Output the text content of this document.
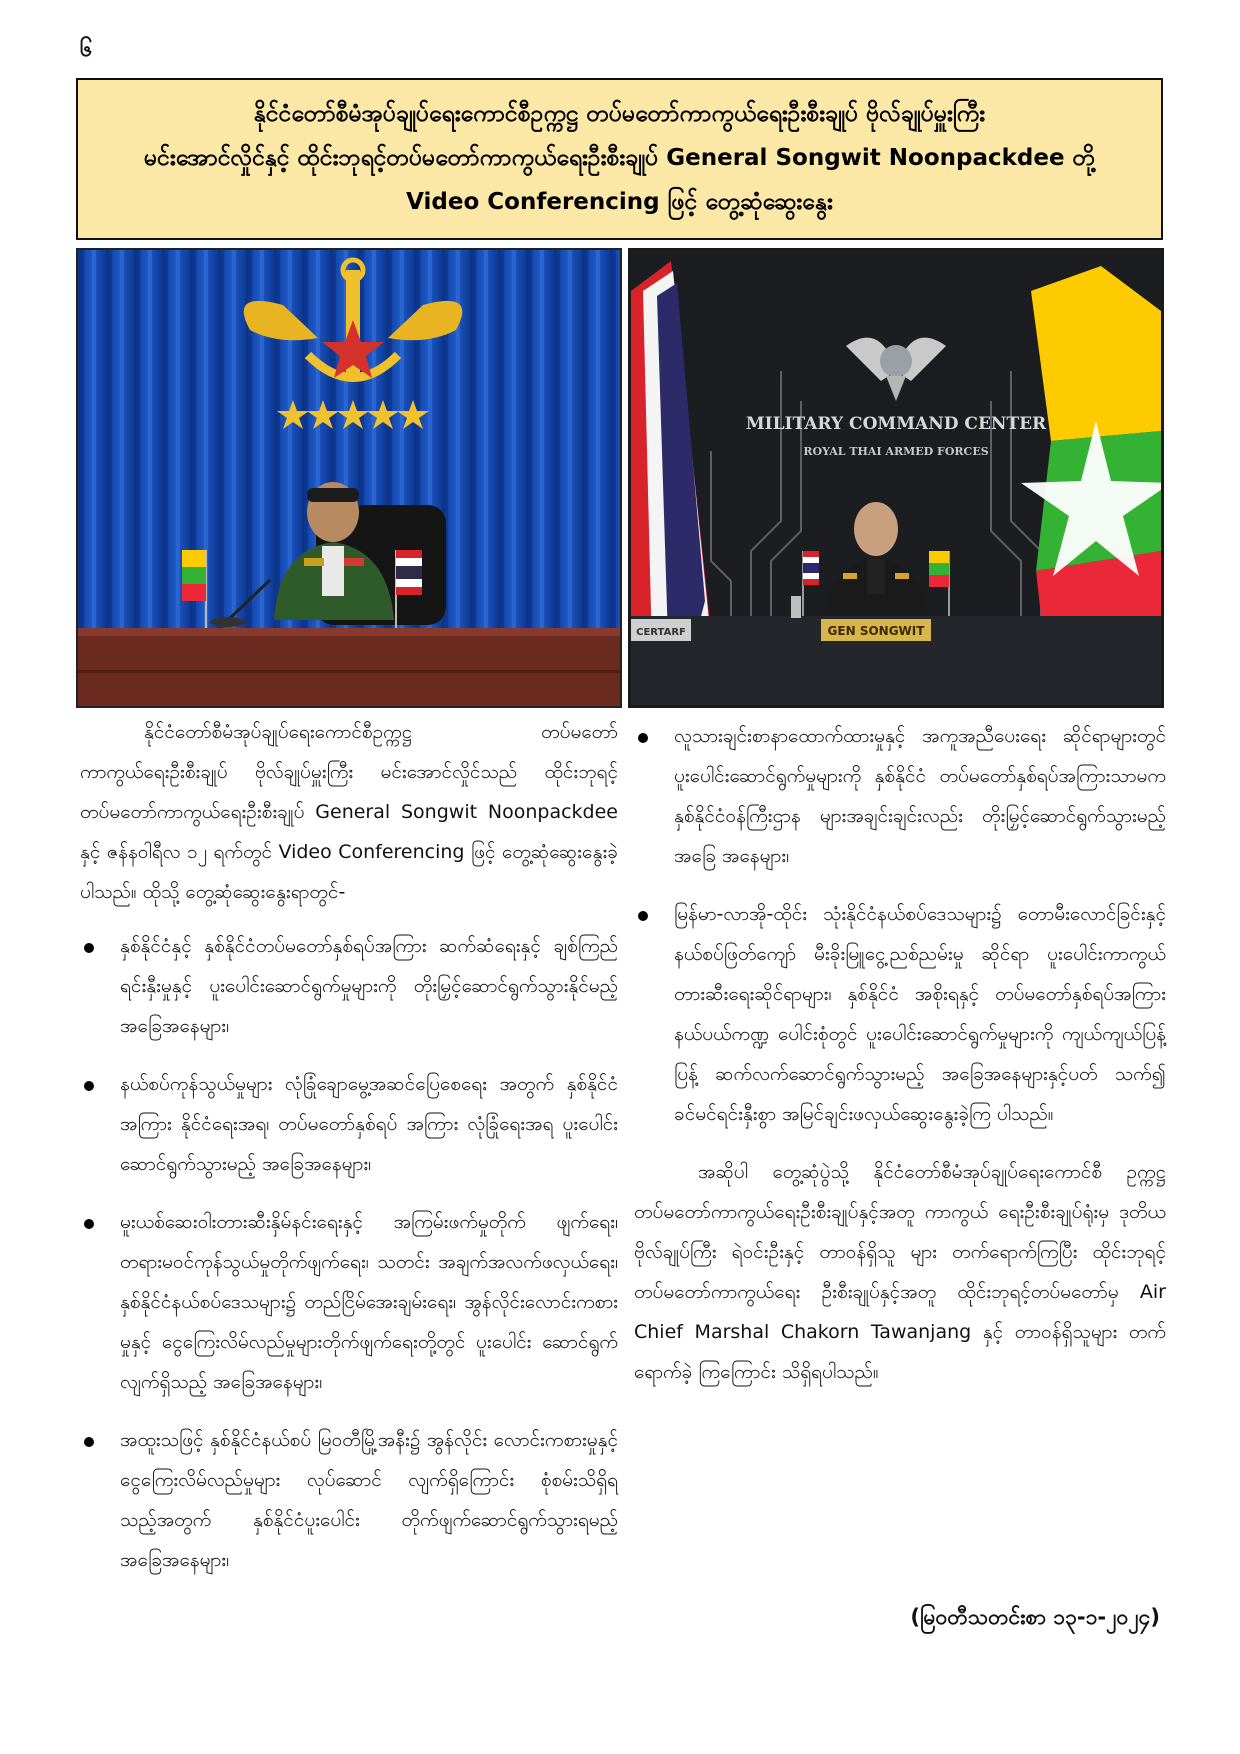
၆
နိုင်ငံတော်စီမံအုပ်ချုပ်ရေးကောင်စီဥက္ကဋ္ဌ တပ်မတော်ကာကွယ်ရေးဦးစီးချုပ် ဗိုလ်ချုပ်မှူးကြီး
မင်းအောင်လှိုင်နှင့် ထိုင်းဘုရင့်တပ်မတော်ကာကွယ်ရေးဦးစီးချုပ် General Songwit Noonpackdee တို့
Video Conferencing ဖြင့် တွေ့ဆုံဆွေးနွေး
MILITARY COMMAND CENTER
ROYAL THAI ARMED FORCES
GEN SONGWIT
CERTARF

နိုင်ငံတော်စီမံအုပ်ချုပ်ရေးကောင်စီဥက္ကဋ္ဌ တပ်မတော်ကာကွယ်ရေးဦးစီးချုပ် ဗိုလ်ချုပ်မှူးကြီး မင်းအောင်လှိုင်သည် ထိုင်းဘုရင့်တပ်မတော်ကာကွယ်ရေးဦးစီးချုပ် General Songwit Noonpackdee နှင့် ဇန်နဝါရီလ ၁၂ ရက်တွင် Video Conferencing ဖြင့် တွေ့ဆုံဆွေးနွေးခဲ့ပါသည်။ ထိုသို့ တွေ့ဆုံဆွေးနွေးရာတွင်-

နှစ်နိုင်ငံနှင့် နှစ်နိုင်ငံတပ်မတော်နှစ်ရပ်အကြား ဆက်ဆံရေးနှင့် ချစ်ကြည်ရင်းနှီးမှုနှင့် ပူးပေါင်းဆောင်ရွက်မှုများကို တိုးမြှင့်ဆောင်ရွက်သွားနိုင်မည့် အခြေအနေများ၊
နယ်စပ်ကုန်သွယ်မှုများ လုံခြုံချောမွေ့အဆင်ပြေစေရေး အတွက် နှစ်နိုင်ငံအကြား နိုင်ငံရေးအရ၊ တပ်မတော်နှစ်ရပ် အကြား လုံခြုံရေးအရ ပူးပေါင်းဆောင်ရွက်သွားမည့် အခြေအနေများ၊
မူးယစ်ဆေးဝါးတားဆီးနှိမ်နင်းရေးနှင့် အကြမ်းဖက်မှုတိုက် ဖျက်ရေး၊ တရားမဝင်ကုန်သွယ်မှုတိုက်ဖျက်ရေး၊ သတင်း အချက်အလက်ဖလှယ်ရေး၊ နှစ်နိုင်ငံနယ်စပ်ဒေသများ၌ တည်ငြိမ်အေးချမ်းရေး၊ အွန်လိုင်းလောင်းကစားမှုနှင့် ငွေကြေးလိမ်လည်မှုများတိုက်ဖျက်ရေးတို့တွင် ပူးပေါင်း ဆောင်ရွက်လျက်ရှိသည့် အခြေအနေများ၊
အထူးသဖြင့် နှစ်နိုင်ငံနယ်စပ် မြဝတီမြို့အနီး၌ အွန်လိုင်း လောင်းကစားမှုနှင့် ငွေကြေးလိမ်လည်မှုများ လုပ်ဆောင် လျက်ရှိကြောင်း စုံစမ်းသိရှိရသည့်အတွက် နှစ်နိုင်ငံပူးပေါင်း တိုက်ဖျက်ဆောင်ရွက်သွားရမည့်အခြေအနေများ၊
လူသားချင်းစာနာထောက်ထားမှုနှင့် အကူအညီပေးရေး ဆိုင်ရာများတွင် ပူးပေါင်းဆောင်ရွက်မှုများကို နှစ်နိုင်ငံ တပ်မတော်နှစ်ရပ်အကြားသာမက နှစ်နိုင်ငံဝန်ကြီးဌာန များအချင်းချင်းလည်း တိုးမြှင့်ဆောင်ရွက်သွားမည့်အခြေ အနေများ၊
မြန်မာ-လာအို-ထိုင်း သုံးနိုင်ငံနယ်စပ်ဒေသများ၌ တောမီးလောင်ခြင်းနှင့် နယ်စပ်ဖြတ်ကျော် မီးခိုးမြူငွေ့ညစ်ညမ်းမှု ဆိုင်ရာ ပူးပေါင်းကာကွယ်တားဆီးရေးဆိုင်ရာများ၊ နှစ်နိုင်ငံ အစိုးရနှင့် တပ်မတော်နှစ်ရပ်အကြား နယ်ပယ်ကဏ္ဍ ပေါင်းစုံတွင် ပူးပေါင်းဆောင်ရွက်မှုများကို ကျယ်ကျယ်ပြန့်ပြန့် ဆက်လက်ဆောင်ရွက်သွားမည့် အခြေအနေများနှင့်ပတ် သက်၍ ခင်မင်ရင်းနှီးစွာ အမြင်ချင်းဖလှယ်ဆွေးနွေးခဲ့ကြ ပါသည်။

အဆိုပါ တွေ့ဆုံပွဲသို့ နိုင်ငံတော်စီမံအုပ်ချုပ်ရေးကောင်စီ ဥက္ကဋ္ဌ တပ်မတော်ကာကွယ်ရေးဦးစီးချုပ်နှင့်အတူ ကာကွယ် ရေးဦးစီးချုပ်ရုံးမှ ဒုတိယဗိုလ်ချုပ်ကြီး ရဲဝင်းဦးနှင့် တာဝန်ရှိသူ များ တက်ရောက်ကြပြီး ထိုင်းဘုရင့်တပ်မတော်ကာကွယ်ရေး ဦးစီးချုပ်နှင့်အတူ ထိုင်းဘုရင့်တပ်မတော်မှ Air Chief Marshal Chakorn Tawanjang နှင့် တာဝန်ရှိသူများ တက်ရောက်ခဲ့ ကြကြောင်း သိရှိရပါသည်။

(မြဝတီသတင်းစာ ၁၃-၁-၂၀၂၄)
